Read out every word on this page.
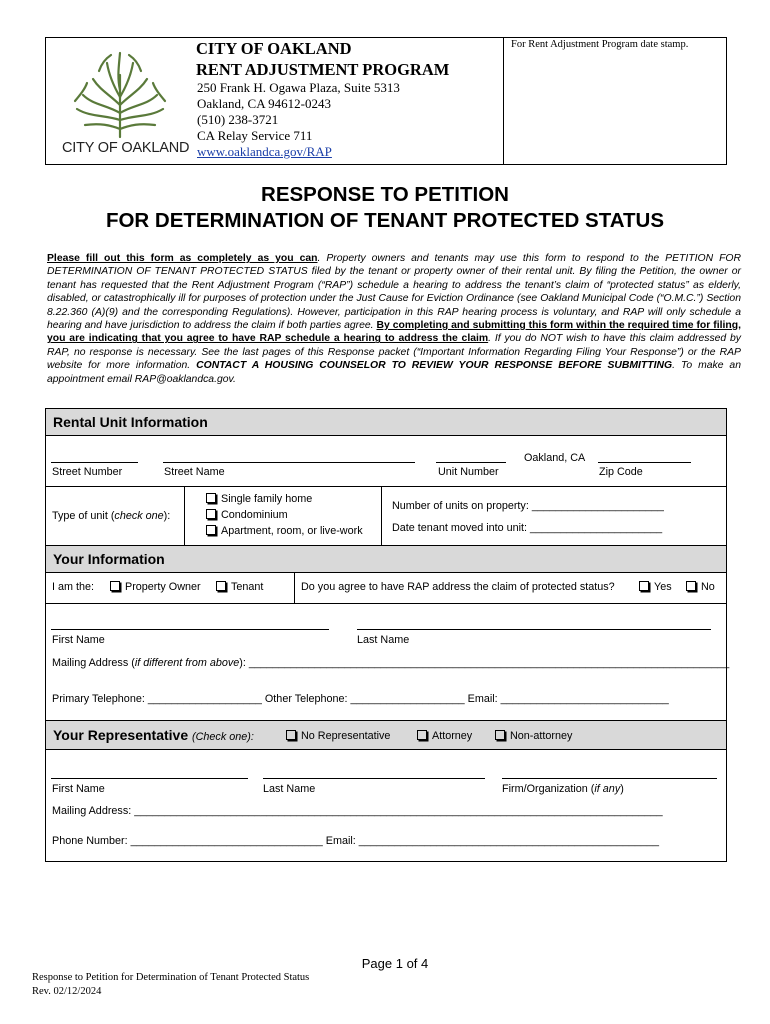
CITY OF OAKLAND
CITY OF OAKLAND
RENT ADJUSTMENT PROGRAM
250 Frank H. Ogawa Plaza, Suite 5313
Oakland, CA 94612-0243
(510) 238-3721
CA Relay Service 711
www.oaklandca.gov/RAP
For Rent Adjustment Program date stamp.
RESPONSE TO PETITION
FOR DETERMINATION OF TENANT PROTECTED STATUS
Please fill out this form as completely as you can. Property owners and tenants may use this form to respond to the PETITION FOR DETERMINATION OF TENANT PROTECTED STATUS filed by the tenant or property owner of their rental unit. By filing the Petition, the owner or tenant has requested that the Rent Adjustment Program (“RAP”) schedule a hearing to address the tenant’s claim of “protected status” as elderly, disabled, or catastrophically ill for purposes of protection under the Just Cause for Eviction Ordinance (see Oakland Municipal Code (“O.M.C.”) Section 8.22.360 (A)(9) and the corresponding Regulations). However, participation in this RAP hearing process is voluntary, and RAP will only schedule a hearing and have jurisdiction to address the claim if both parties agree. By completing and submitting this form within the required time for filing, you are indicating that you agree to have RAP schedule a hearing to address the claim. If you do NOT wish to have this claim addressed by RAP, no response is necessary. See the last pages of this Response packet (“Important Information Regarding Filing Your Response”) or the RAP website for more information. CONTACT A HOUSING COUNSELOR TO REVIEW YOUR RESPONSE BEFORE SUBMITTING. To make an appointment email RAP@oaklandca.gov.
Rental Unit Information
Oakland, CA
Street Number	Street Name	Unit Number	Zip Code
Type of unit (check one):
Single family home
Condominium
Apartment, room, or live-work
Number of units on property: ______________________
Date tenant moved into unit: ______________________
Your Information
I am the:	Property Owner	Tenant	Do you agree to have RAP address the claim of protected status?	Yes	No
First Name	Last Name
Mailing Address (if different from above): ________________________________________________________________________________
Primary Telephone: ___________________ Other Telephone: ___________________ Email: ____________________________
Your Representative (Check one):	No Representative	Attorney	Non-attorney
First Name	Last Name	Firm/Organization (if any)
Mailing Address: ________________________________________________________________________________________
Phone Number: ________________________________ Email: __________________________________________________
Page 1 of 4
Response to Petition for Determination of Tenant Protected Status
Rev. 02/12/2024
